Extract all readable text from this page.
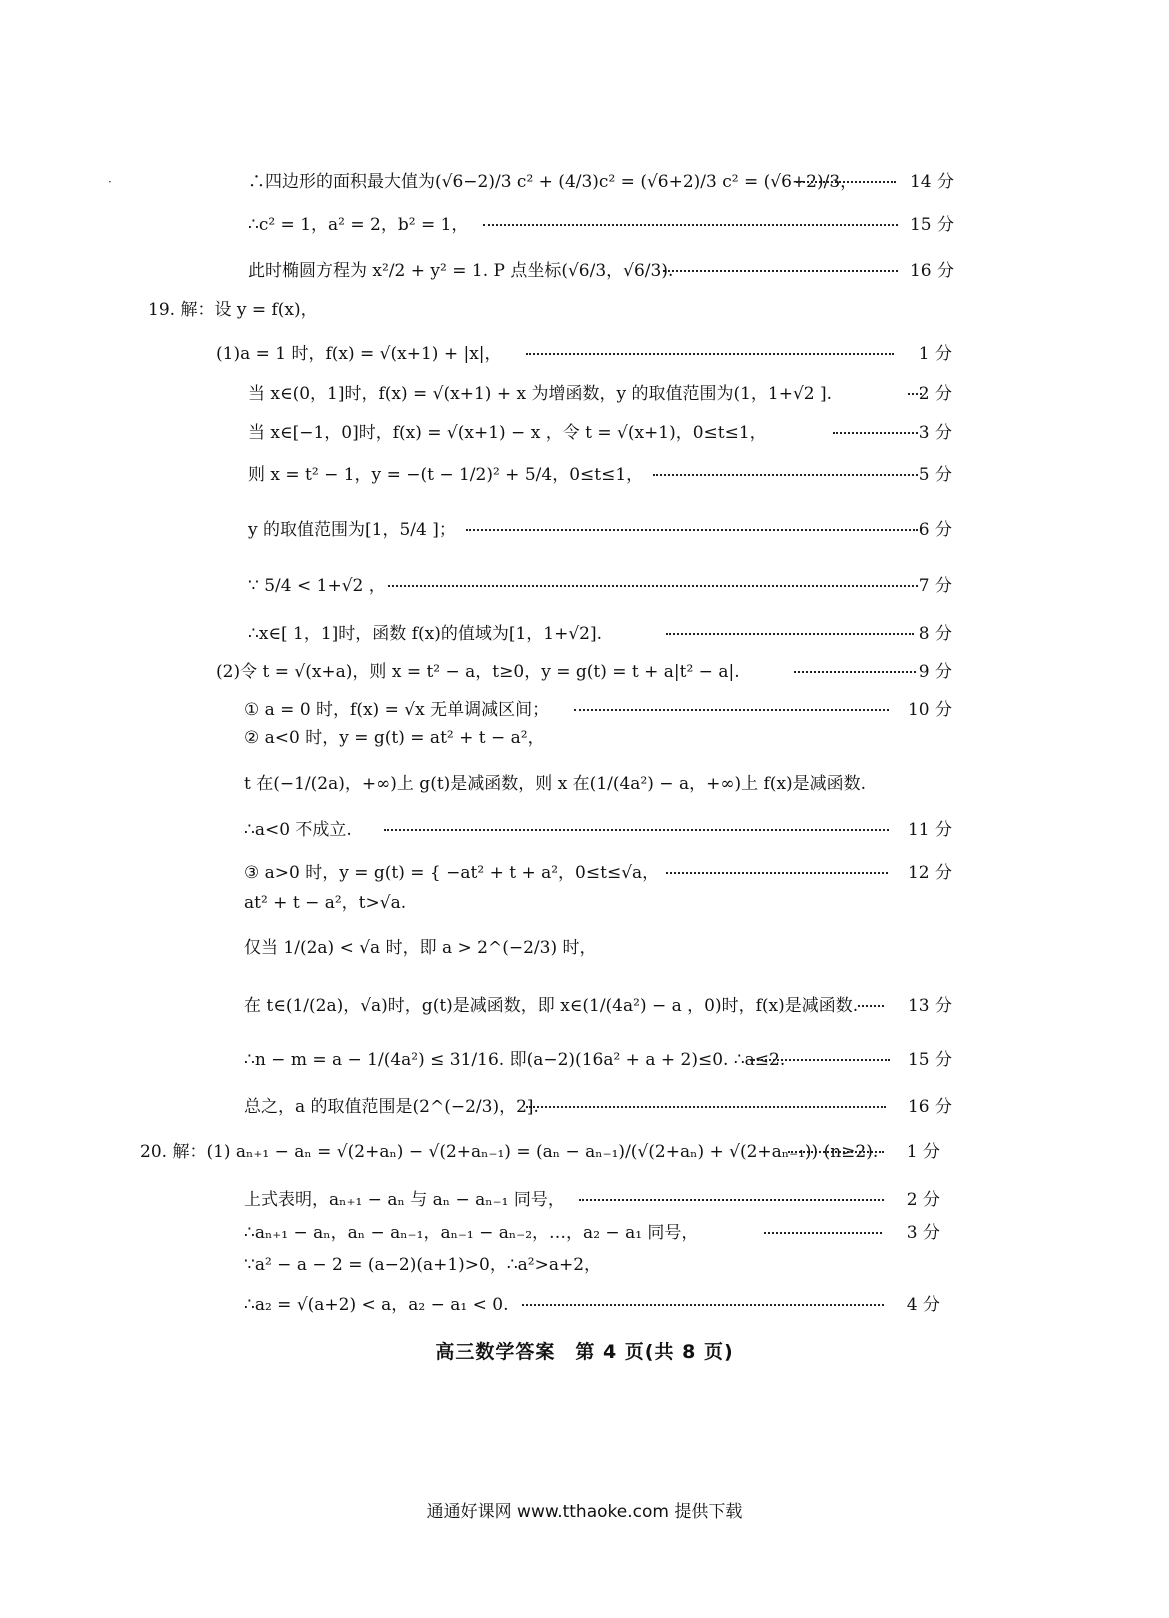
·	∴四边形的面积最大值为(√6−2)/3 c² + (4/3)c² = (√6+2)/3 c² = (√6+2)/3，	14 分
∴c² = 1，a² = 2，b² = 1，	15 分
此时椭圆方程为 x²/2 + y² = 1. P 点坐标(√6/3，√6/3).	16 分
19. 解：设 y = f(x)，
(1)a = 1 时，f(x) = √(x+1) + |x|，	1 分
当 x∈(0，1]时，f(x) = √(x+1) + x 为增函数，y 的取值范围为(1，1+√2 ].	2 分
当 x∈[−1，0]时，f(x) = √(x+1) − x ，令 t = √(x+1)，0≤t≤1，	3 分
则 x = t² − 1，y = −(t − 1/2)² + 5/4，0≤t≤1，	5 分
y 的取值范围为[1，5/4 ]；	6 分
∵ 5/4 < 1+√2 ，	7 分
∴x∈[ 1，1]时，函数 f(x)的值域为[1，1+√2].	8 分
(2)令 t = √(x+a)，则 x = t² − a，t≥0，y = g(t) = t + a|t² − a|.	9 分
① a = 0 时，f(x) = √x 无单调减区间；	10 分
② a<0 时，y = g(t) = at² + t − a²，
t 在(−1/(2a)，+∞)上 g(t)是减函数，则 x 在(1/(4a²) − a，+∞)上 f(x)是减函数.
∴a<0 不成立.	11 分
③ a>0 时，y = g(t) = { −at² + t + a²，0≤t≤√a，	12 分
at² + t − a²，t>√a.
仅当 1/(2a) < √a 时，即 a > 2^(−2/3) 时，
在 t∈(1/(2a)，√a)时，g(t)是减函数，即 x∈(1/(4a²) − a ，0)时，f(x)是减函数.	13 分
∴n − m = a − 1/(4a²) ≤ 31/16. 即(a−2)(16a² + a + 2)≤0. ∴a≤2.	15 分
总之，a 的取值范围是(2^(−2/3)，2].	16 分
20. 解：(1) aₙ₊₁ − aₙ = √(2+aₙ) − √(2+aₙ₋₁) = (aₙ − aₙ₋₁)/(√(2+aₙ) + √(2+aₙ₋₁)) (n≥2). 1 分
上式表明，aₙ₊₁ − aₙ 与 aₙ − aₙ₋₁ 同号，	2 分
∴aₙ₊₁ − aₙ，aₙ − aₙ₋₁，aₙ₋₁ − aₙ₋₂，…，a₂ − a₁ 同号，	3 分
∵a² − a − 2 = (a−2)(a+1)>0，∴a²>a+2，
∴a₂ = √(a+2) < a，a₂ − a₁ < 0.	4 分
高三数学答案　第 4 页(共 8 页)
通通好课网 www.tthaoke.com 提供下载
